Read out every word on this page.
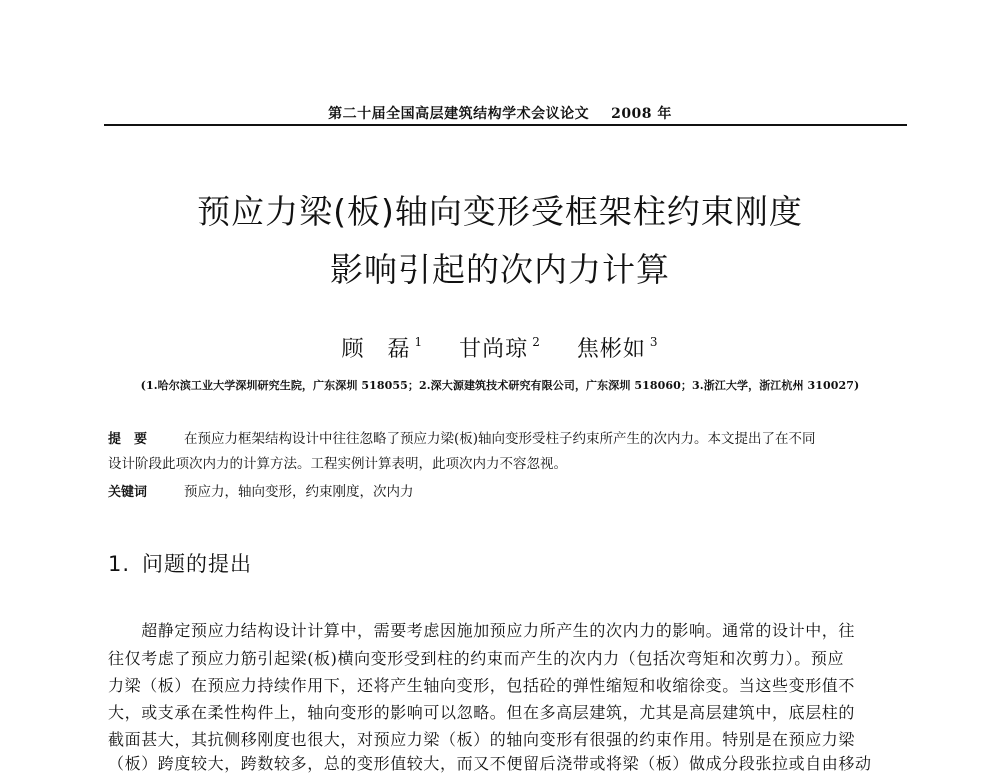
第二十届全国高层建筑结构学术会议论文 2008 年
预应力梁(板)轴向变形受框架柱约束刚度
影响引起的次内力计算
顾　磊 $^1$ 甘尚琼 $^2$ 焦彬如 $^3$
(1.哈尔滨工业大学深圳研究生院，广东深圳 518055；2.深大源建筑技术研究有限公司，广东深圳 518060；3.浙江大学，浙江杭州 310027)
提　要	在预应力框架结构设计中往往忽略了预应力梁(板)轴向变形受柱子约束所产生的次内力。本文提出了在不同
设计阶段此项次内力的计算方法。工程实例计算表明，此项次内力不容忽视。
关键词	预应力，轴向变形，约束刚度，次内力
1. 问题的提出
　　超静定预应力结构设计计算中，需要考虑因施加预应力所产生的次内力的影响。通常的设计中，往
往仅考虑了预应力筋引起梁(板)横向变形受到柱的约束而产生的次内力（包括次弯矩和次剪力）。预应
力梁（板）在预应力持续作用下，还将产生轴向变形，包括砼的弹性缩短和收缩徐变。当这些变形值不
大，或支承在柔性构件上，轴向变形的影响可以忽略。但在多高层建筑，尤其是高层建筑中，底层柱的
截面甚大，其抗侧移刚度也很大，对预应力梁（板）的轴向变形有很强的约束作用。特别是在预应力梁
（板）跨度较大，跨数较多，总的变形值较大，而又不便留后浇带或将梁（板）做成分段张拉或自由移动
